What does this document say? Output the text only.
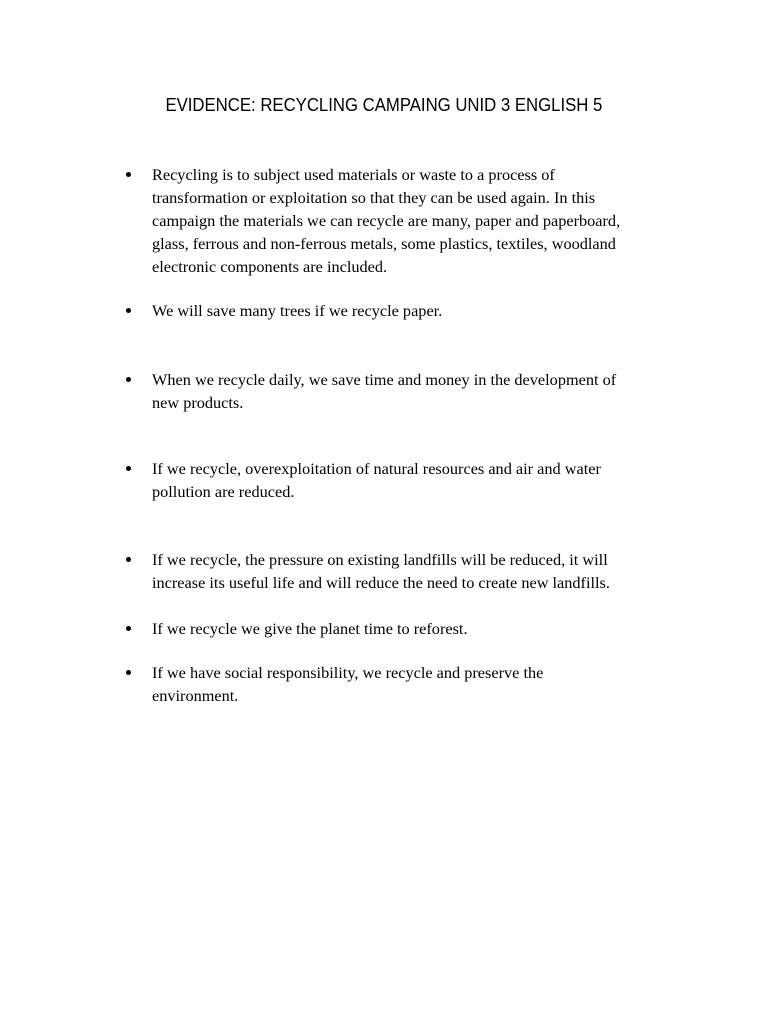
EVIDENCE: RECYCLING CAMPAING UNID 3 ENGLISH 5
Recycling is to subject used materials or waste to a process of
transformation or exploitation so that they can be used again. In this
campaign the materials we can recycle are many, paper and paperboard,
glass, ferrous and non-ferrous metals, some plastics, textiles, woodland
electronic components are included.
We will save many trees if we recycle paper.
When we recycle daily, we save time and money in the development of
new products.
If we recycle, overexploitation of natural resources and air and water
pollution are reduced.
If we recycle, the pressure on existing landfills will be reduced, it will
increase its useful life and will reduce the need to create new landfills.
If we recycle we give the planet time to reforest.
If we have social responsibility, we recycle and preserve the
environment.
